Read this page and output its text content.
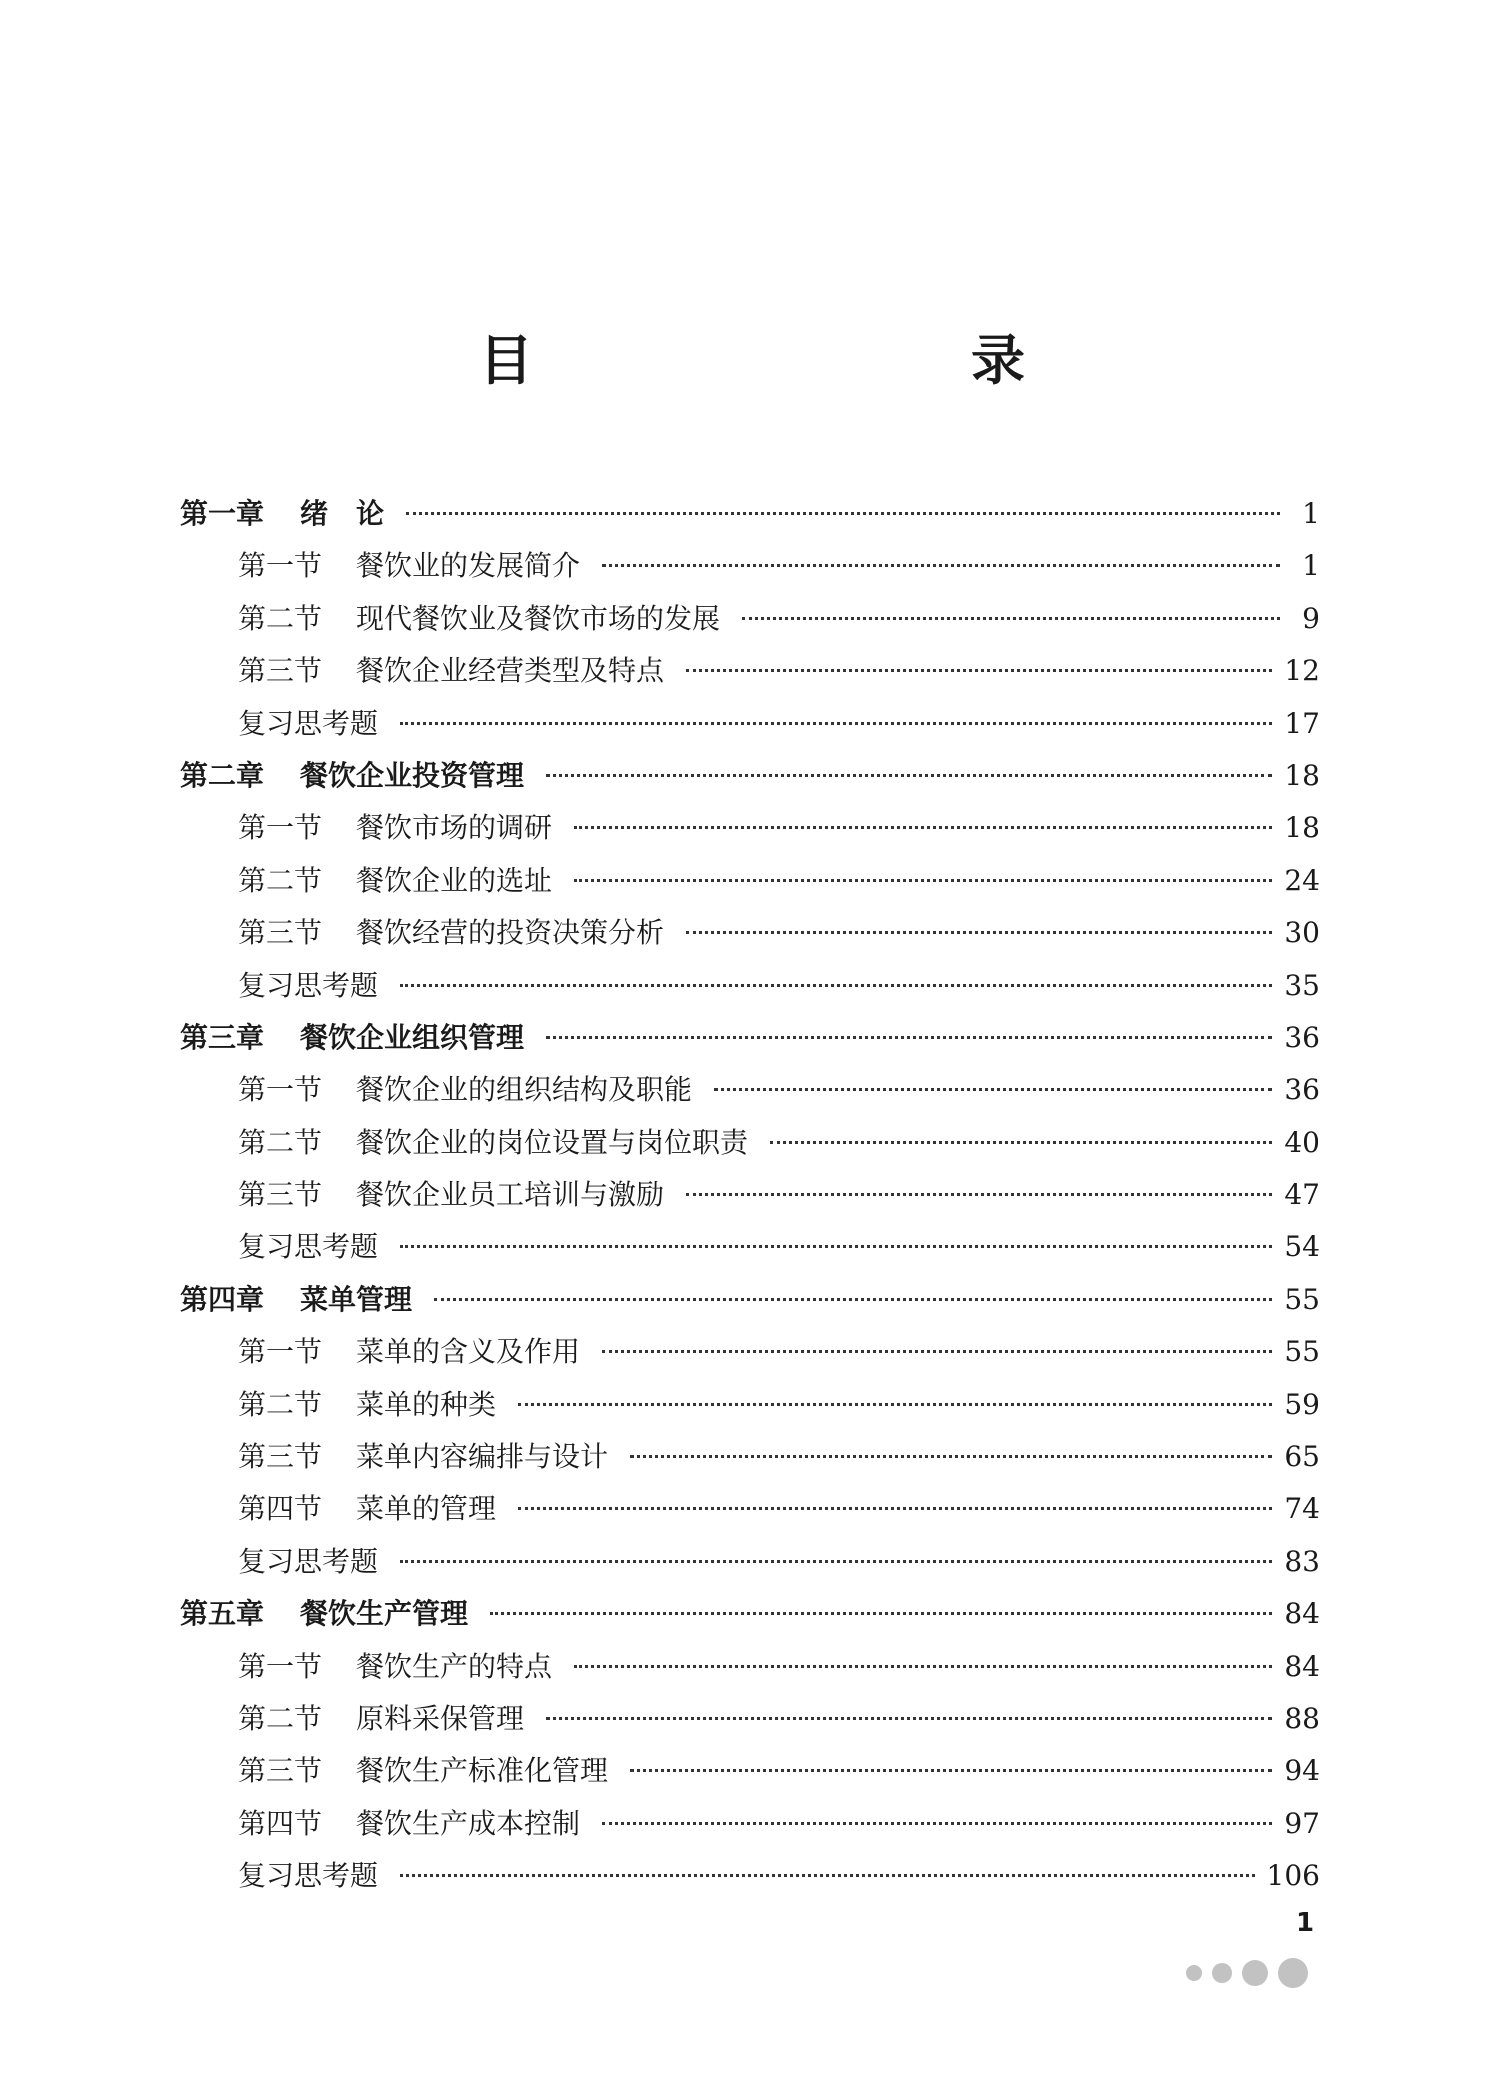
目　　录
第一章	绪　论	1
第一节	餐饮业的发展简介	1
第二节	现代餐饮业及餐饮市场的发展	9
第三节	餐饮企业经营类型及特点	12
复习思考题	17
第二章	餐饮企业投资管理	18
第一节	餐饮市场的调研	18
第二节	餐饮企业的选址	24
第三节	餐饮经营的投资决策分析	30
复习思考题	35
第三章	餐饮企业组织管理	36
第一节	餐饮企业的组织结构及职能	36
第二节	餐饮企业的岗位设置与岗位职责	40
第三节	餐饮企业员工培训与激励	47
复习思考题	54
第四章	菜单管理	55
第一节	菜单的含义及作用	55
第二节	菜单的种类	59
第三节	菜单内容编排与设计	65
第四节	菜单的管理	74
复习思考题	83
第五章	餐饮生产管理	84
第一节	餐饮生产的特点	84
第二节	原料采保管理	88
第三节	餐饮生产标准化管理	94
第四节	餐饮生产成本控制	97
复习思考题	106
1
